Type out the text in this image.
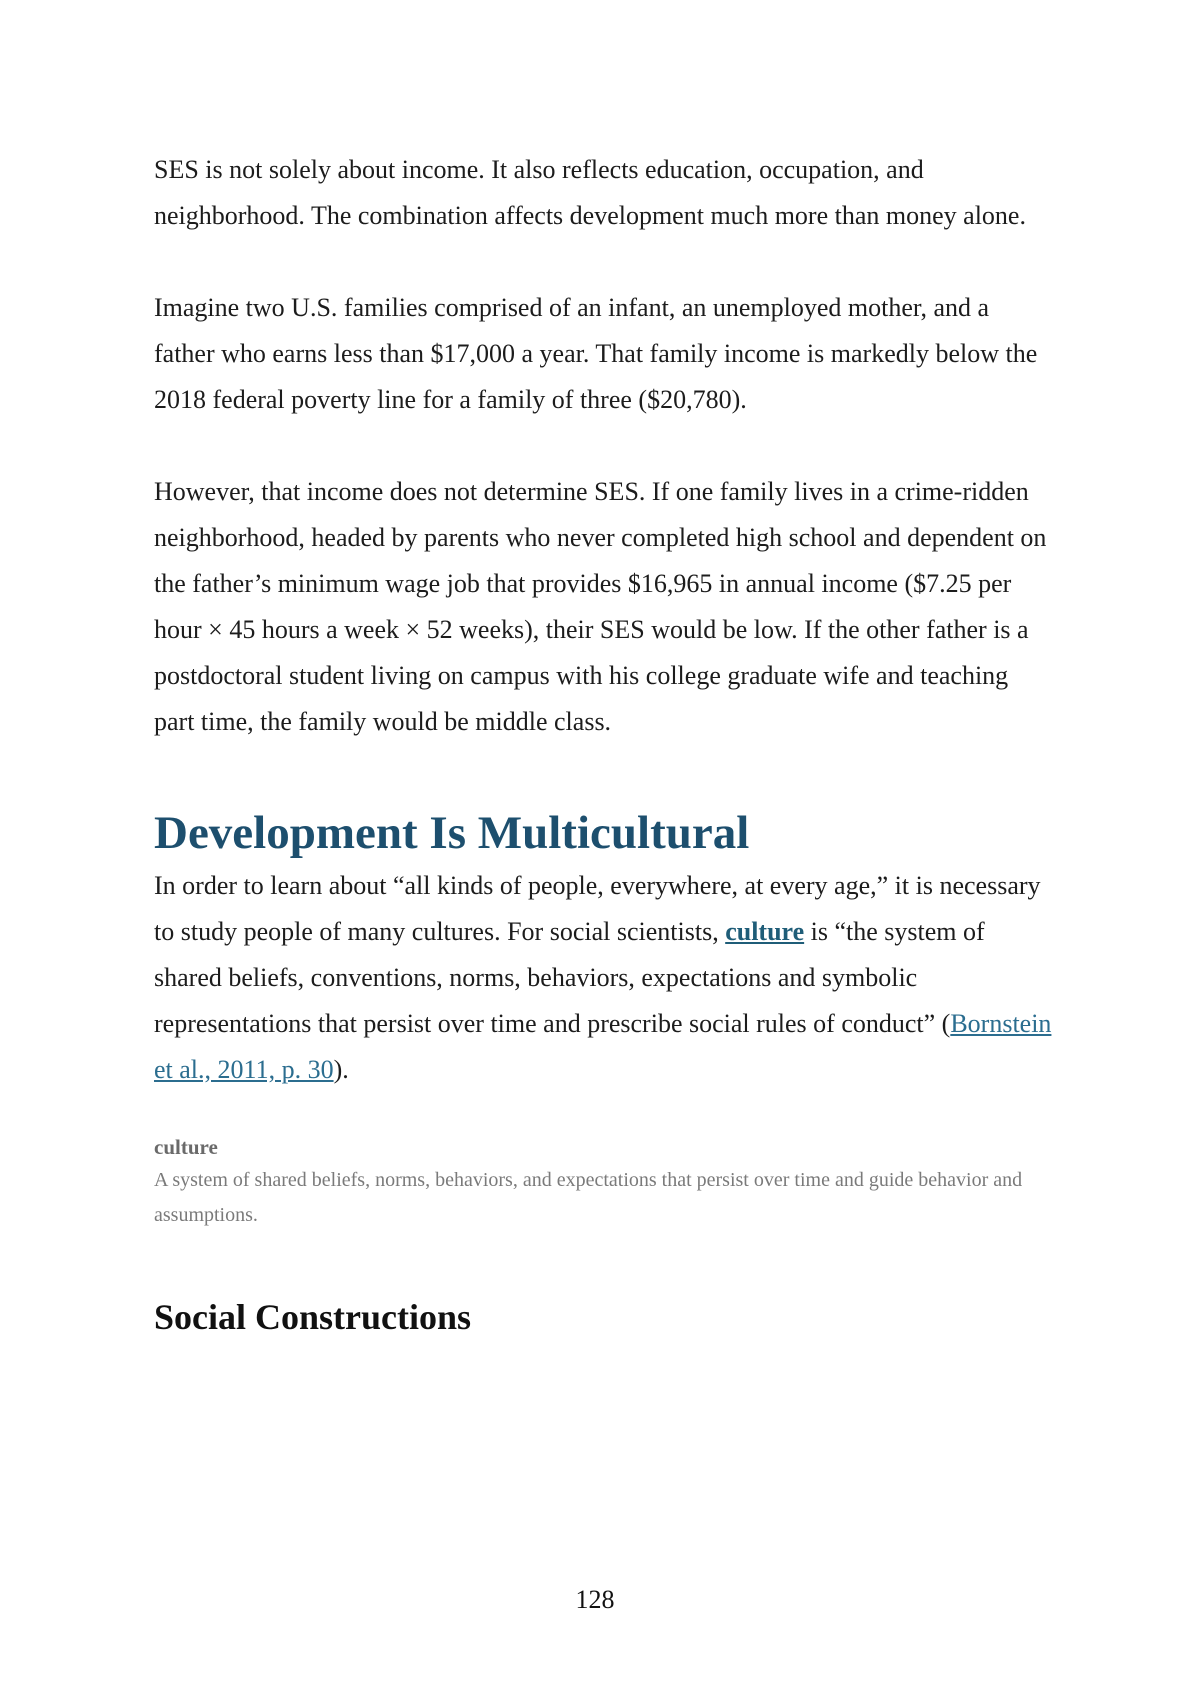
SES is not solely about income. It also reflects education, occupation, and neighborhood. The combination affects development much more than money alone.

Imagine two U.S. families comprised of an infant, an unemployed mother, and a father who earns less than $17,000 a year. That family income is markedly below the 2018 federal poverty line for a family of three ($20,780).

However, that income does not determine SES. If one family lives in a crime-ridden neighborhood, headed by parents who never completed high school and dependent on the father’s minimum wage job that provides $16,965 in annual income ($7.25 per hour × 45 hours a week × 52 weeks), their SES would be low. If the other father is a postdoctoral student living on campus with his college graduate wife and teaching part time, the family would be middle class.

Development Is Multicultural

In order to learn about “all kinds of people, everywhere, at every age,” it is necessary to study people of many cultures. For social scientists, culture is “the system of shared beliefs, conventions, norms, behaviors, expectations and symbolic representations that persist over time and prescribe social rules of conduct” (Bornstein et al., 2011, p. 30).

culture

A system of shared beliefs, norms, behaviors, and expectations that persist over time and guide behavior and assumptions.

Social Constructions
128
